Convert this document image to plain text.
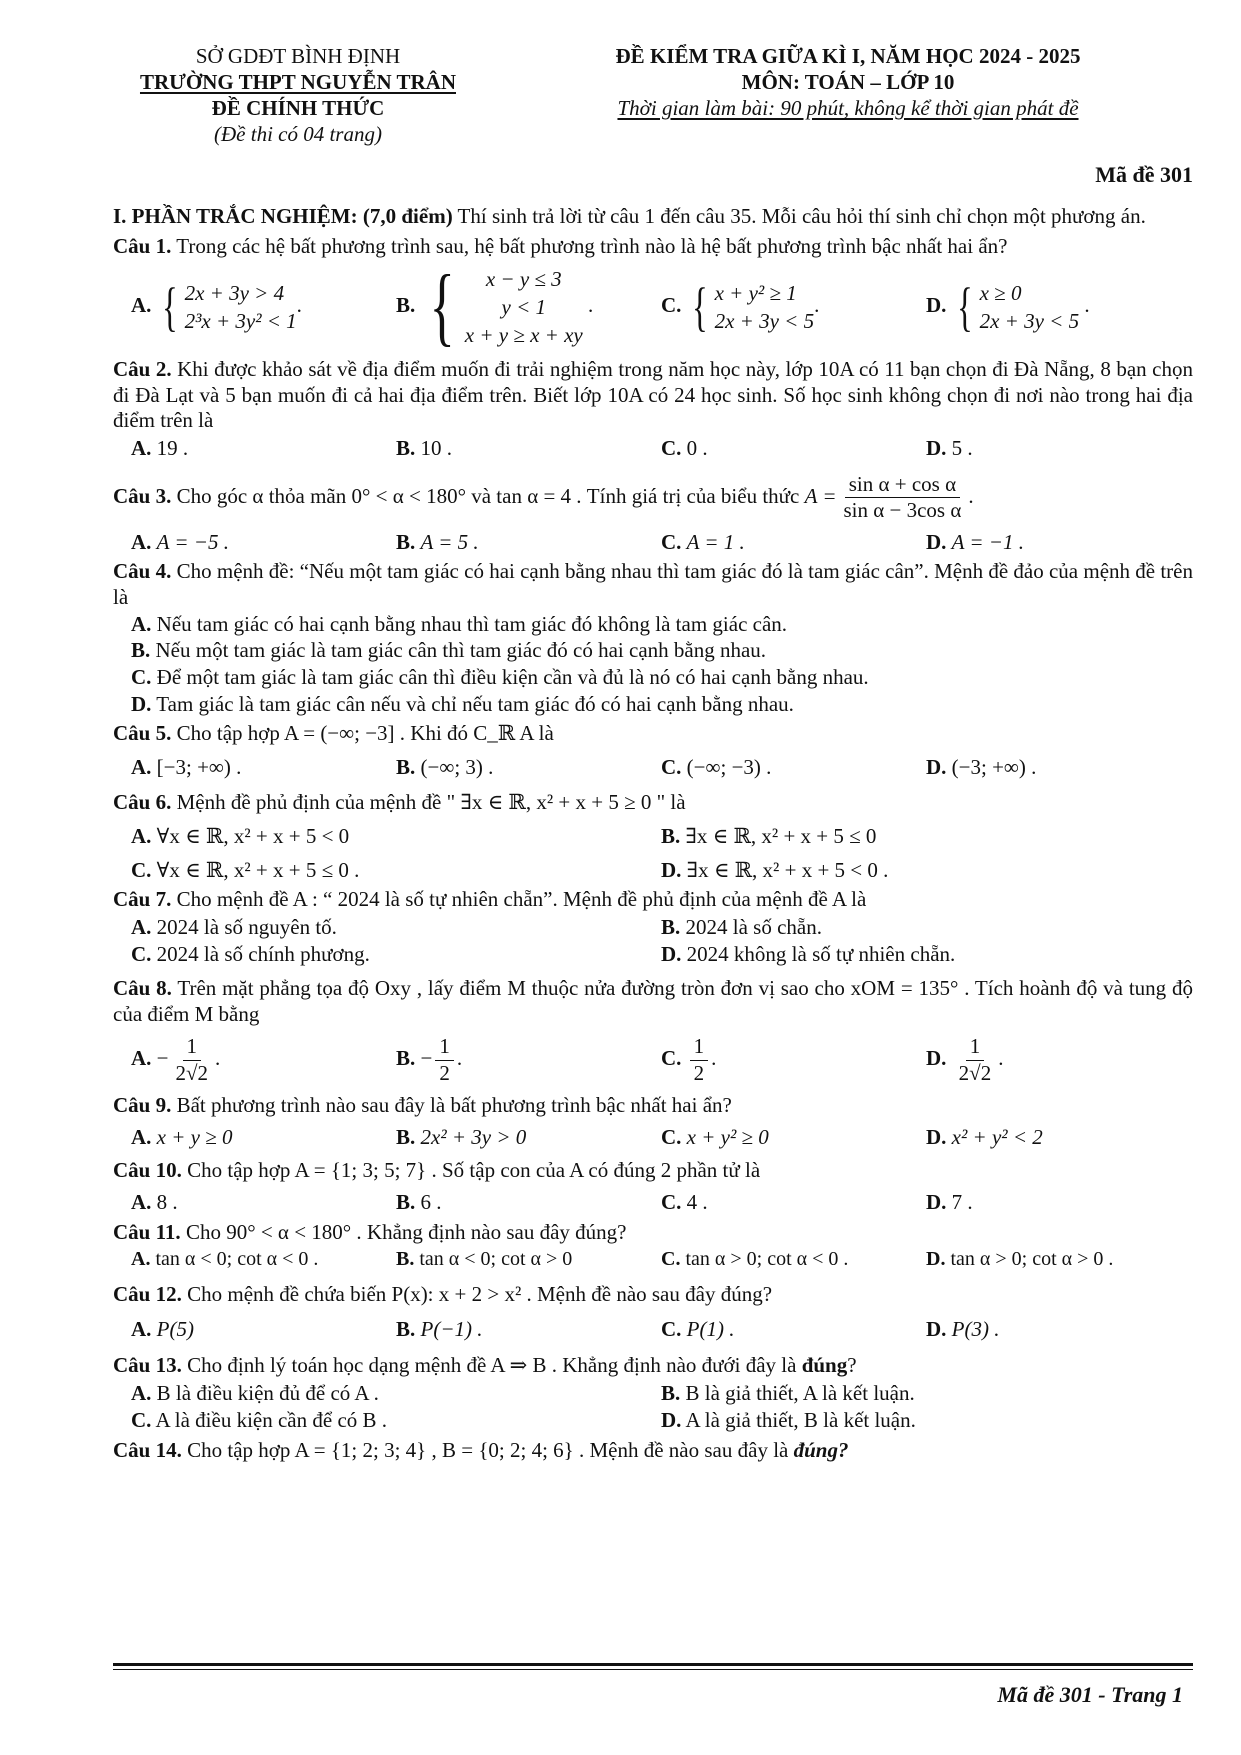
SỞ GDĐT BÌNH ĐỊNH
TRƯỜNG THPT NGUYỄN TRÂN
ĐỀ CHÍNH THỨC
(Đề thi có 04 trang)
ĐỀ KIỂM TRA GIỮA KÌ I, NĂM HỌC 2024 - 2025
MÔN: TOÁN – LỚP 10
Thời gian làm bài: 90 phút, không kể thời gian phát đề
Mã đề 301
I. PHẦN TRẮC NGHIỆM: (7,0 điểm) Thí sinh trả lời từ câu 1 đến câu 35. Mỗi câu hỏi thí sinh chỉ chọn một phương án.
Câu 1. Trong các hệ bất phương trình sau, hệ bất phương trình nào là hệ bất phương trình bậc nhất hai ẩn?
A. { 2x + 3y > 4
2³x + 3y² < 1
.	B. { x − y ≤ 3
y < 1
x + y ≥ x + xy
.	C. { x + y² ≥ 1
2x + 3y < 5
.	D. { x ≥ 0
2x + 3y < 5
.
Câu 2. Khi được khảo sát về địa điểm muốn đi trải nghiệm trong năm học này, lớp 10A có 11 bạn chọn đi Đà Nẵng, 8 bạn chọn đi Đà Lạt và 5 bạn muốn đi cả hai địa điểm trên. Biết lớp 10A có 24 học sinh. Số học sinh không chọn đi nơi nào trong hai địa điểm trên là
A. 19 .	B. 10 .	C. 0 .	D. 5 .
Câu 3. Cho góc α thỏa mãn 0° < α < 180° và tan α = 4 . Tính giá trị của biểu thức $A = \frac{\text{sin α + cos α}}{\text{sin α − 3cos α}}$ .
A. A = −5 .	B. A = 5 .	C. A = 1 .	D. A = −1 .
Câu 4. Cho mệnh đề: “Nếu một tam giác có hai cạnh bằng nhau thì tam giác đó là tam giác cân”. Mệnh đề đảo của mệnh đề trên là
A. Nếu tam giác có hai cạnh bằng nhau thì tam giác đó không là tam giác cân.
B. Nếu một tam giác là tam giác cân thì tam giác đó có hai cạnh bằng nhau.
C. Để một tam giác là tam giác cân thì điều kiện cần và đủ là nó có hai cạnh bằng nhau.
D. Tam giác là tam giác cân nếu và chỉ nếu tam giác đó có hai cạnh bằng nhau.
Câu 5. Cho tập hợp A = (−∞; −3] . Khi đó C_ℝ A là
A. [−3; +∞) .	B. (−∞; 3) .	C. (−∞; −3) .	D. (−3; +∞) .
Câu 6. Mệnh đề phủ định của mệnh đề " ∃x ∈ ℝ, x² + x + 5 ≥ 0 " là
A. ∀x ∈ ℝ, x² + x + 5 < 0	B. ∃x ∈ ℝ, x² + x + 5 ≤ 0
C. ∀x ∈ ℝ, x² + x + 5 ≤ 0 .	D. ∃x ∈ ℝ, x² + x + 5 < 0 .
Câu 7. Cho mệnh đề A : “ 2024 là số tự nhiên chẵn”. Mệnh đề phủ định của mệnh đề A là
A. 2024 là số nguyên tố.	B. 2024 là số chẵn.
C. 2024 là số chính phương.	D. 2024 không là số tự nhiên chẵn.
Câu 8. Trên mặt phẳng tọa độ Oxy , lấy điểm M thuộc nửa đường tròn đơn vị sao cho xOM = 135° . Tích hoành độ và tung độ của điểm M bằng
A. − $\frac{1}{2√2}$ .	B. − $\frac{1}{2}$ .	C. $\frac{1}{2}$ .	D. $\frac{1}{2√2}$ .
Câu 9. Bất phương trình nào sau đây là bất phương trình bậc nhất hai ẩn?
A. x + y ≥ 0	B. 2x² + 3y > 0	C. x + y² ≥ 0	D. x² + y² < 2
Câu 10. Cho tập hợp A = {1; 3; 5; 7} . Số tập con của A có đúng 2 phần tử là
A. 8 .	B. 6 .	C. 4 .	D. 7 .
Câu 11. Cho 90° < α < 180° . Khẳng định nào sau đây đúng?
A. tan α < 0; cot α < 0 .	B. tan α < 0; cot α > 0	C. tan α > 0; cot α < 0 .	D. tan α > 0; cot α > 0 .
Câu 12. Cho mệnh đề chứa biến P(x): x + 2 > x² . Mệnh đề nào sau đây đúng?
A. P(5)	B. P(−1) .	C. P(1) .	D. P(3) .
Câu 13. Cho định lý toán học dạng mệnh đề A ⇒ B . Khẳng định nào đưới đây là đúng?
A. B là điều kiện đủ để có A .	B. B là giả thiết, A là kết luận.
C. A là điều kiện cần để có B .	D. A là giả thiết, B là kết luận.
Câu 14. Cho tập hợp A = {1; 2; 3; 4} , B = {0; 2; 4; 6} . Mệnh đề nào sau đây là đúng?
Mã đề 301 - Trang 1
